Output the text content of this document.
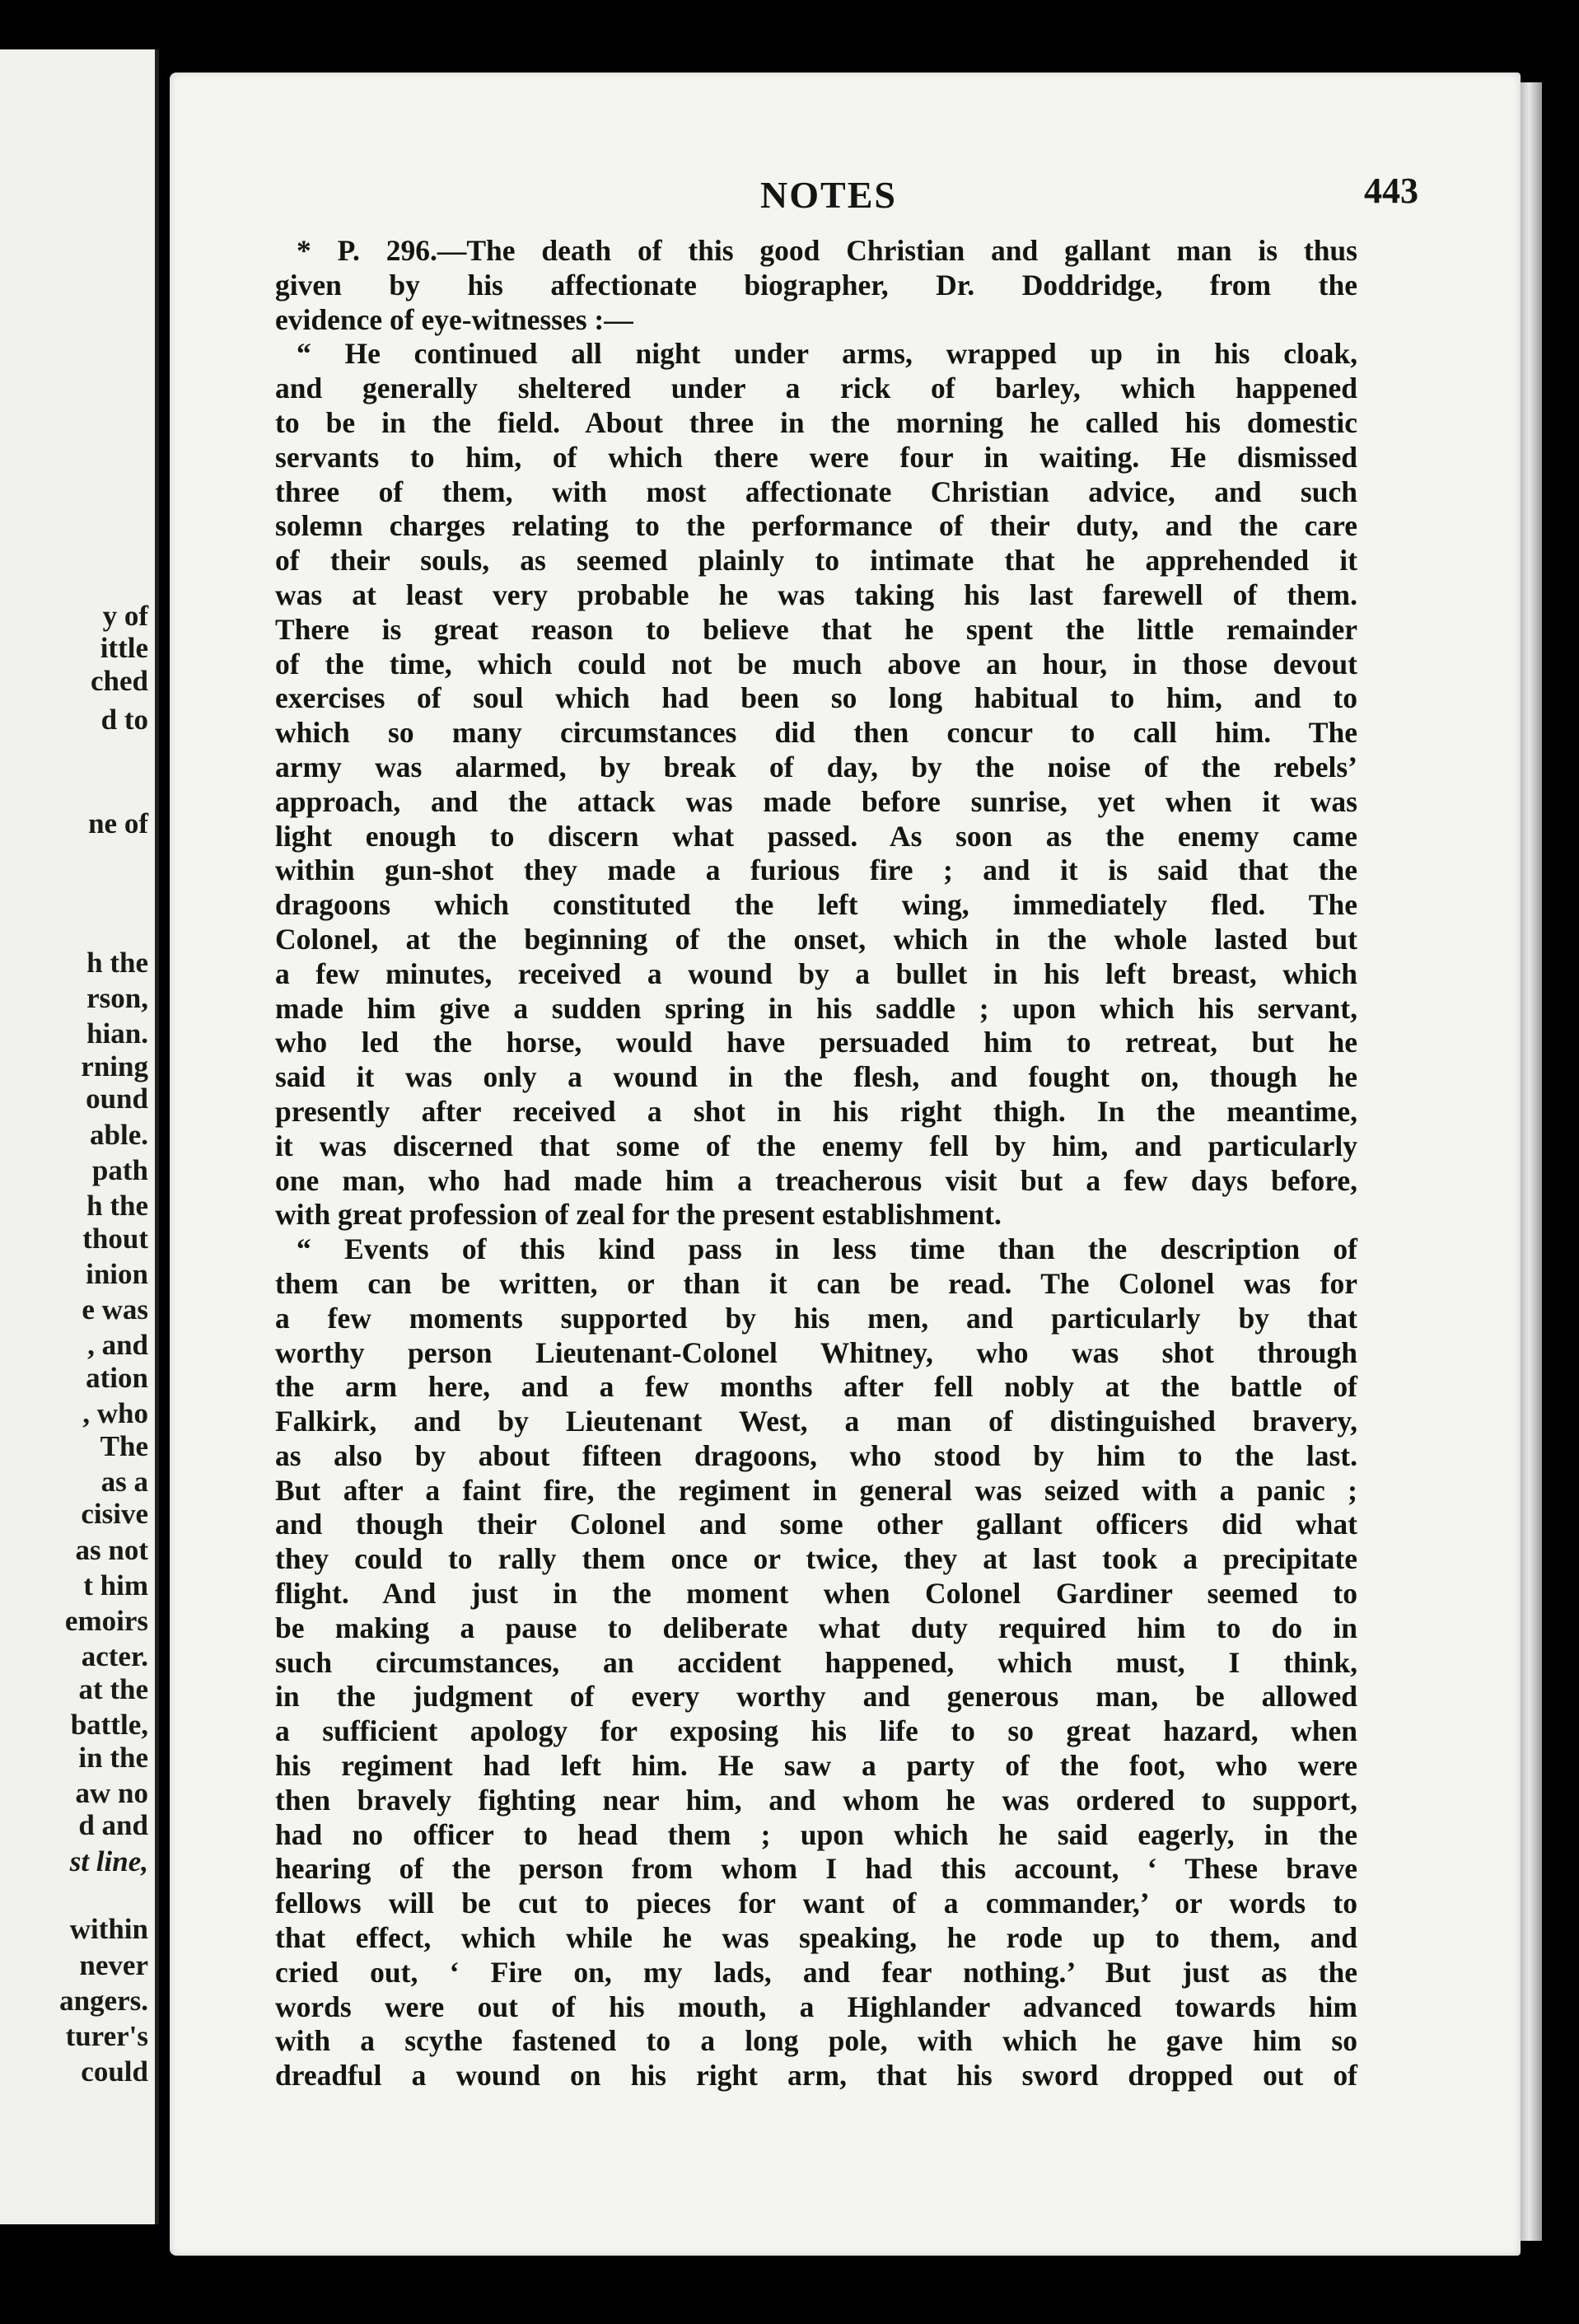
y of

ittle

ched

d to

ne of

h the

rson,

hian.

rning

ound

able.

path

h the

thout

inion

e was

, and

ation

, who

The

as a

cisive

as not

t him

emoirs

acter.

at the

battle,

in the

aw no

d and

st line,

within

never

angers.

turer's

could

NOTES	443
* P. 296.—The death of this good Christian and gallant man is thus
given by his affectionate biographer, Dr. Doddridge, from the
evidence of eye-witnesses :—
“ He continued all night under arms, wrapped up in his cloak,
and generally sheltered under a rick of barley, which happened
to be in the field. About three in the morning he called his domestic
servants to him, of which there were four in waiting. He dismissed
three of them, with most affectionate Christian advice, and such
solemn charges relating to the performance of their duty, and the care
of their souls, as seemed plainly to intimate that he apprehended it
was at least very probable he was taking his last farewell of them.
There is great reason to believe that he spent the little remainder
of the time, which could not be much above an hour, in those devout
exercises of soul which had been so long habitual to him, and to
which so many circumstances did then concur to call him. The
army was alarmed, by break of day, by the noise of the rebels’
approach, and the attack was made before sunrise, yet when it was
light enough to discern what passed. As soon as the enemy came
within gun-shot they made a furious fire ; and it is said that the
dragoons which constituted the left wing, immediately fled. The
Colonel, at the beginning of the onset, which in the whole lasted but
a few minutes, received a wound by a bullet in his left breast, which
made him give a sudden spring in his saddle ; upon which his servant,
who led the horse, would have persuaded him to retreat, but he
said it was only a wound in the flesh, and fought on, though he
presently after received a shot in his right thigh. In the meantime,
it was discerned that some of the enemy fell by him, and particularly
one man, who had made him a treacherous visit but a few days before,
with great profession of zeal for the present establishment.
“ Events of this kind pass in less time than the description of
them can be written, or than it can be read. The Colonel was for
a few moments supported by his men, and particularly by that
worthy person Lieutenant-Colonel Whitney, who was shot through
the arm here, and a few months after fell nobly at the battle of
Falkirk, and by Lieutenant West, a man of distinguished bravery,
as also by about fifteen dragoons, who stood by him to the last.
But after a faint fire, the regiment in general was seized with a panic ;
and though their Colonel and some other gallant officers did what
they could to rally them once or twice, they at last took a precipitate
flight. And just in the moment when Colonel Gardiner seemed to
be making a pause to deliberate what duty required him to do in
such circumstances, an accident happened, which must, I think,
in the judgment of every worthy and generous man, be allowed
a sufficient apology for exposing his life to so great hazard, when
his regiment had left him. He saw a party of the foot, who were
then bravely fighting near him, and whom he was ordered to support,
had no officer to head them ; upon which he said eagerly, in the
hearing of the person from whom I had this account, ‘ These brave
fellows will be cut to pieces for want of a commander,’ or words to
that effect, which while he was speaking, he rode up to them, and
cried out, ‘ Fire on, my lads, and fear nothing.’ But just as the
words were out of his mouth, a Highlander advanced towards him
with a scythe fastened to a long pole, with which he gave him so
dreadful a wound on his right arm, that his sword dropped out of
